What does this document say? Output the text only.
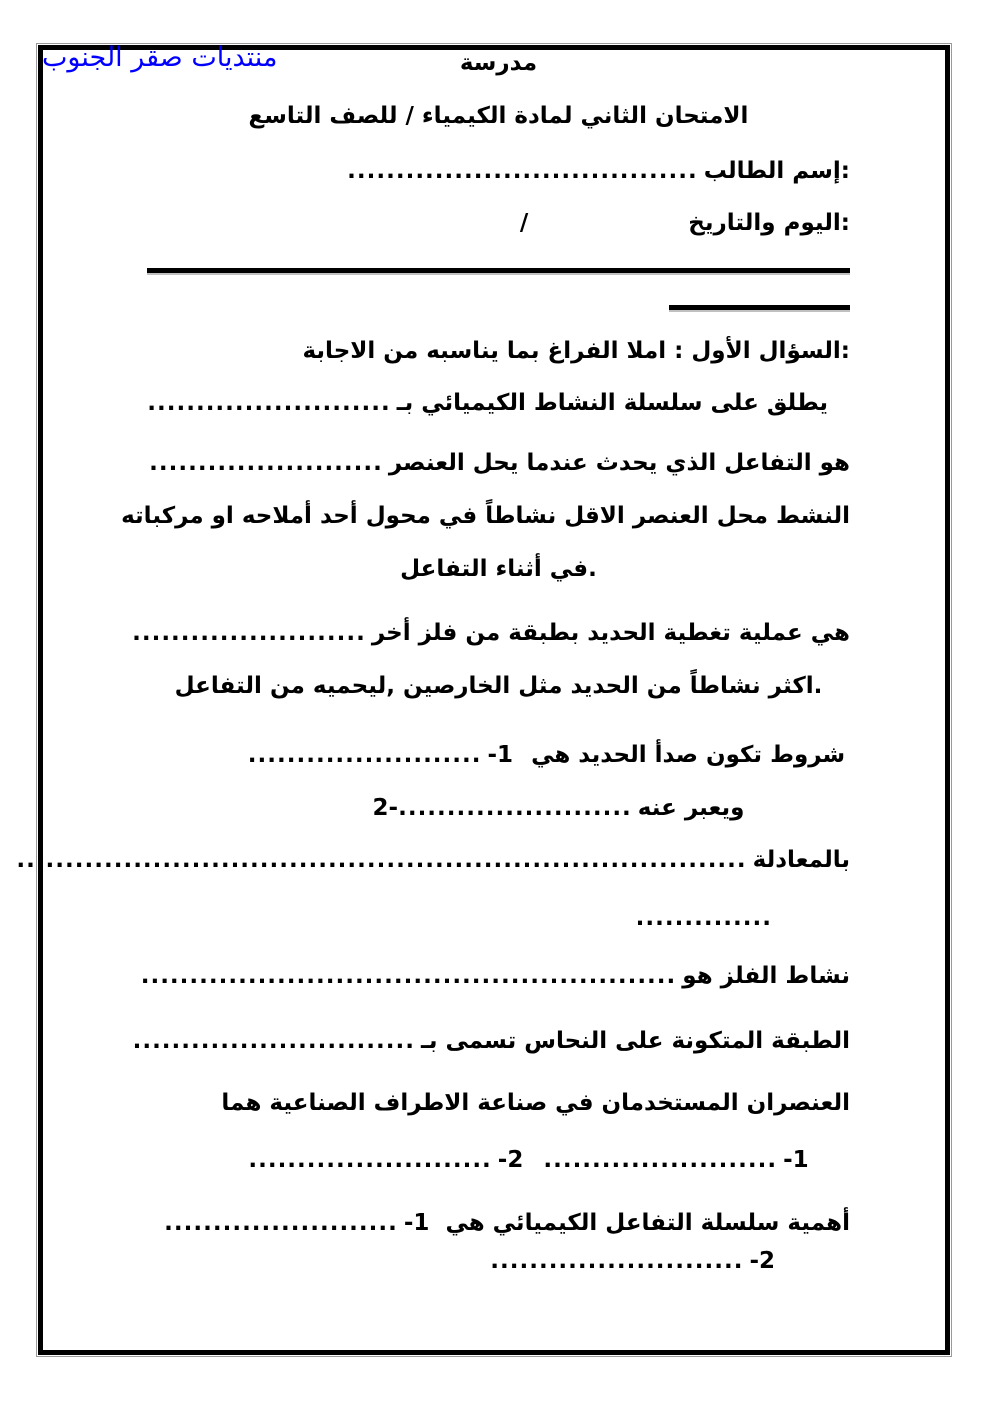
منتديات صقر الجنوب	مدرسة
الامتحان الثاني لمادة الكيمياء / للصف التاسع
.................................... إسم الطالب:
/	اليوم والتاريخ:
السؤال الأول : املا الفراغ بما يناسبه من الاجابة:
......................... يطلق على سلسلة النشاط الكيميائي بـ
........................ هو التفاعل الذي يحدث عندما يحل العنصر
النشط محل العنصر الاقل نشاطاً في محول أحد أملاحه او مركباته
في أثناء التفاعل.
........................ هي عملية تغطية الحديد بطبقة من فلز أخر
اكثر نشاطاً من الحديد مثل الخارصين ,ليحميه من التفاعل.
........................ -1 شروط تكون صدأ الحديد هي
2- ........................ ويعبر عنه
........................................................................... بالمعادلة
..............
....................................................... نشاط الفلز هو
............................. الطبقة المتكونة على النحاس تسمى بـ
العنصران المستخدمان في صناعة الاطراف الصناعية هما
......................... -2 ........................ -1
........................ -1 أهمية سلسلة التفاعل الكيميائي هي
.......................... -2
